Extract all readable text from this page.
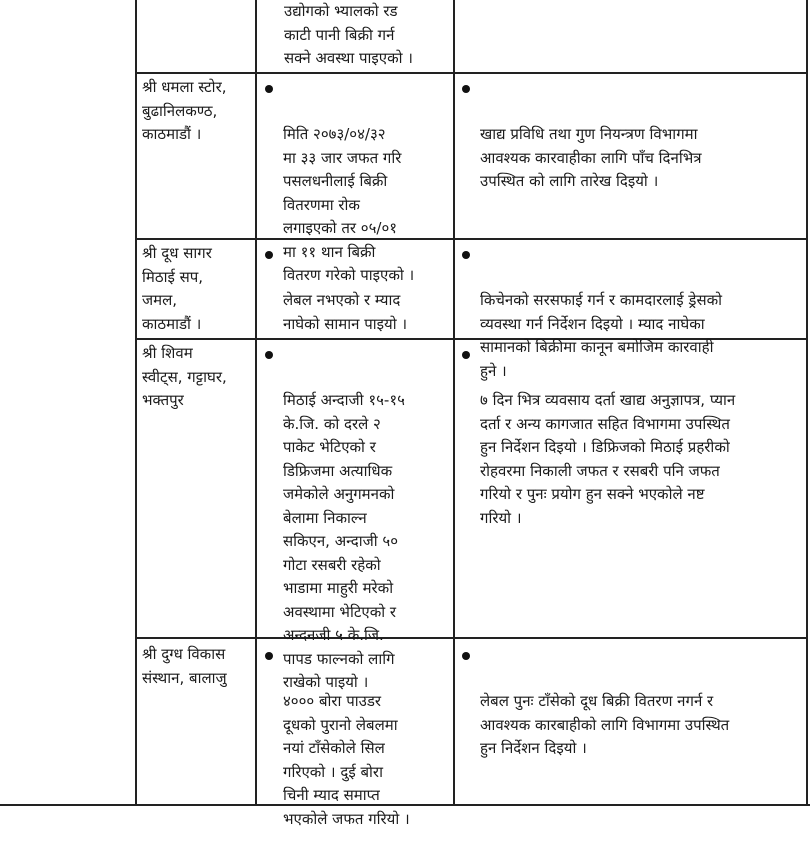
उद्योगको भ्यालको रड
काटी पानी बिक्री गर्न
सक्ने अवस्था पाइएको ।
श्री धमला स्टोर,
बुढानिलकण्ठ,
काठमाडौं ।	मिति २०७३/०४/३२
मा ३३ जार जफत गरि
पसलधनीलाई बिक्री
वितरणमा रोक
लगाइएको तर ०५/०१
मा ११ थान बिक्री
वितरण गरेको पाइएको ।

खाद्य प्रविधि तथा गुण नियन्त्रण विभागमा
आवश्यक कारवाहीका लागि पाँच दिनभित्र
उपस्थित को लागि तारेख दिइयो ।

श्री दूध सागर
मिठाई सप,
जमल,
काठमाडौं ।

लेबल नभएको र म्याद
नाघेको सामान पाइयो ।

किचेनको सरसफाई गर्न र कामदारलाई ड्रेसको
व्यवस्था गर्न निर्देशन दिइयो । म्याद नाघेका
सामानको बिक्रीमा कानून बमोजिम कारवाही
हुने ।

श्री शिवम
स्वीट्स, गट्टाघर,
भक्तपुर	मिठाई अन्दाजी १५-१५
के.जि. को दरले २
पाकेट भेटिएको र
डिफ्रिजमा अत्याधिक
जमेकोले अनुगमनको
बेलामा निकाल्न
सकिएन, अन्दाजी ५०
गोटा रसबरी रहेको
भाडामा माहुरी मरेको
अवस्थामा भेटिएको र
अन्दनजी ५ के.जि.
पापड फाल्नको लागि
राखेको पाइयो ।

७ दिन भित्र व्यवसाय दर्ता खाद्य अनुज्ञापत्र, प्यान
दर्ता र अन्य कागजात सहित विभागमा उपस्थित
हुन निर्देशन दिइयो । डिफ्रिजको मिठाई प्रहरीको
रोहवरमा निकाली जफत र रसबरी पनि जफत
गरियो र पुनः प्रयोग हुन सक्ने भएकोले नष्ट
गरियो ।

श्री दुग्ध विकास
संस्थान, बालाजु

४००० बोरा पाउडर
दूधको पुरानो लेबलमा
नयां टाँसेकोले सिल
गरिएको । दुई बोरा
चिनी म्याद समाप्त
भएकोले जफत गरियो ।

लेबल पुनः टाँसेको दूध बिक्री वितरण नगर्न र
आवश्यक कारबाहीको लागि विभागमा उपस्थित
हुन निर्देशन दिइयो ।
